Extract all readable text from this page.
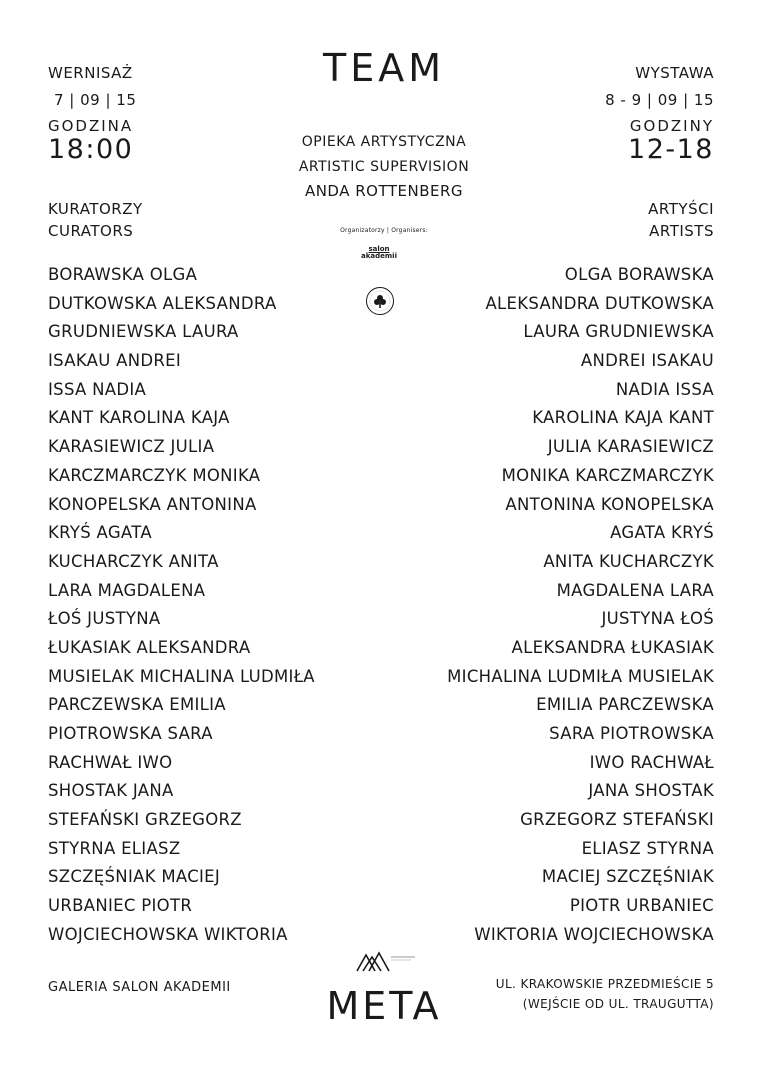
WERNISAŻ
7 | 09 | 15
GODZINA
18:00
WYSTAWA
8 - 9 | 09 | 15
GODZINY
12-18
TEAM
OPIEKA ARTYSTYCZNA
ARTISTIC SUPERVISION
ANDA ROTTENBERG
Organizatorzy | Organisers:
salon
akademii
KURATORZY
CURATORS
ARTYŚCI
ARTISTS
BORAWSKA OLGA
DUTKOWSKA ALEKSANDRA
GRUDNIEWSKA LAURA
ISAKAU ANDREI
ISSA NADIA
KANT KAROLINA KAJA
KARASIEWICZ JULIA
KARCZMARCZYK MONIKA
KONOPELSKA ANTONINA
KRYŚ AGATA
KUCHARCZYK ANITA
LARA MAGDALENA
ŁOŚ JUSTYNA
ŁUKASIAK ALEKSANDRA
MUSIELAK MICHALINA LUDMIŁA
PARCZEWSKA EMILIA
PIOTROWSKA SARA
RACHWAŁ IWO
SHOSTAK JANA
STEFAŃSKI GRZEGORZ
STYRNA ELIASZ
SZCZĘŚNIAK MACIEJ
URBANIEC PIOTR
WOJCIECHOWSKA WIKTORIA
OLGA BORAWSKA
ALEKSANDRA DUTKOWSKA
LAURA GRUDNIEWSKA
ANDREI ISAKAU
NADIA ISSA
KAROLINA KAJA KANT
JULIA KARASIEWICZ
MONIKA KARCZMARCZYK
ANTONINA KONOPELSKA
AGATA KRYŚ
ANITA KUCHARCZYK
MAGDALENA LARA
JUSTYNA ŁOŚ
ALEKSANDRA ŁUKASIAK
MICHALINA LUDMIŁA MUSIELAK
EMILIA PARCZEWSKA
SARA PIOTROWSKA
IWO RACHWAŁ
JANA SHOSTAK
GRZEGORZ STEFAŃSKI
ELIASZ STYRNA
MACIEJ SZCZĘŚNIAK
PIOTR URBANIEC
WIKTORIA WOJCIECHOWSKA
GALERIA SALON AKADEMII	META	UL. KRAKOWSKIE PRZEDMIEŚCIE 5
(WEJŚCIE OD UL. TRAUGUTTA)
